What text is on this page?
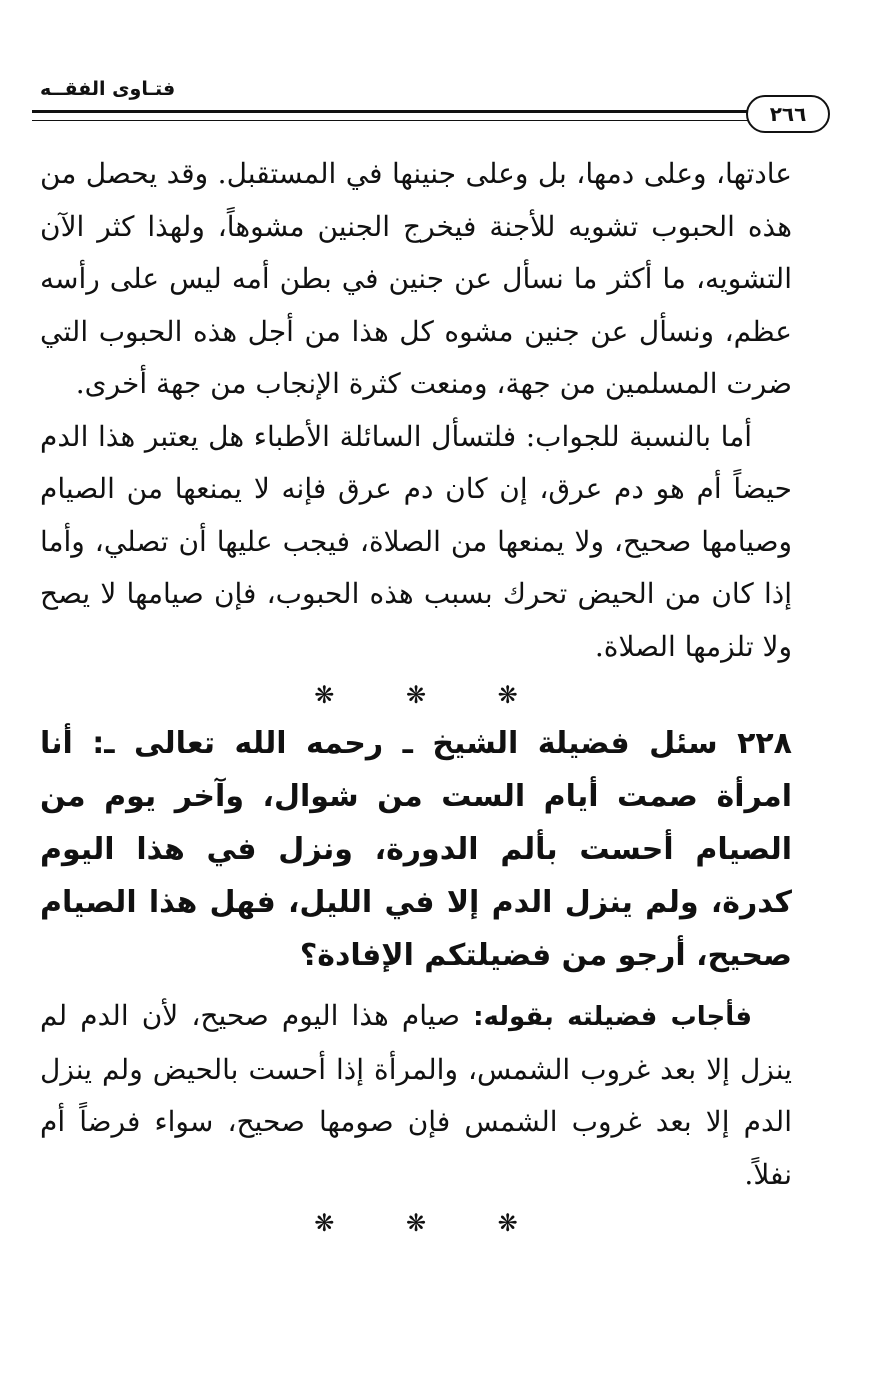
فتـاوى الفقــه
٢٦٦

عادتها، وعلى دمها، بل وعلى جنينها في المستقبل. وقد يحصل من هذه الحبوب تشويه للأجنة فيخرج الجنين مشوهاً، ولهذا كثر الآن التشويه، ما أكثر ما نسأل عن جنين في بطن أمه ليس على رأسه عظم، ونسأل عن جنين مشوه كل هذا من أجل هذه الحبوب التي ضرت المسلمين من جهة، ومنعت كثرة الإنجاب من جهة أخرى.

أما بالنسبة للجواب: فلتسأل السائلة الأطباء هل يعتبر هذا الدم حيضاً أم هو دم عرق، إن كان دم عرق فإنه لا يمنعها من الصيام وصيامها صحيح، ولا يمنعها من الصلاة، فيجب عليها أن تصلي، وأما إذا كان من الحيض تحرك بسبب هذه الحبوب، فإن صيامها لا يصح ولا تلزمها الصلاة.

❋ ❋ ❋

٢٢٨ سئل فضيلة الشيخ ـ رحمه الله تعالى ـ: أنا امرأة صمت أيام الست من شوال، وآخر يوم من الصيام أحست بألم الدورة، ونزل في هذا اليوم كدرة، ولم ينزل الدم إلا في الليل، فهل هذا الصيام صحيح، أرجو من فضيلتكم الإفادة؟

فأجاب فضيلته بقوله: صيام هذا اليوم صحيح، لأن الدم لم ينزل إلا بعد غروب الشمس، والمرأة إذا أحست بالحيض ولم ينزل الدم إلا بعد غروب الشمس فإن صومها صحيح، سواء فرضاً أم نفلاً.

❋ ❋ ❋
